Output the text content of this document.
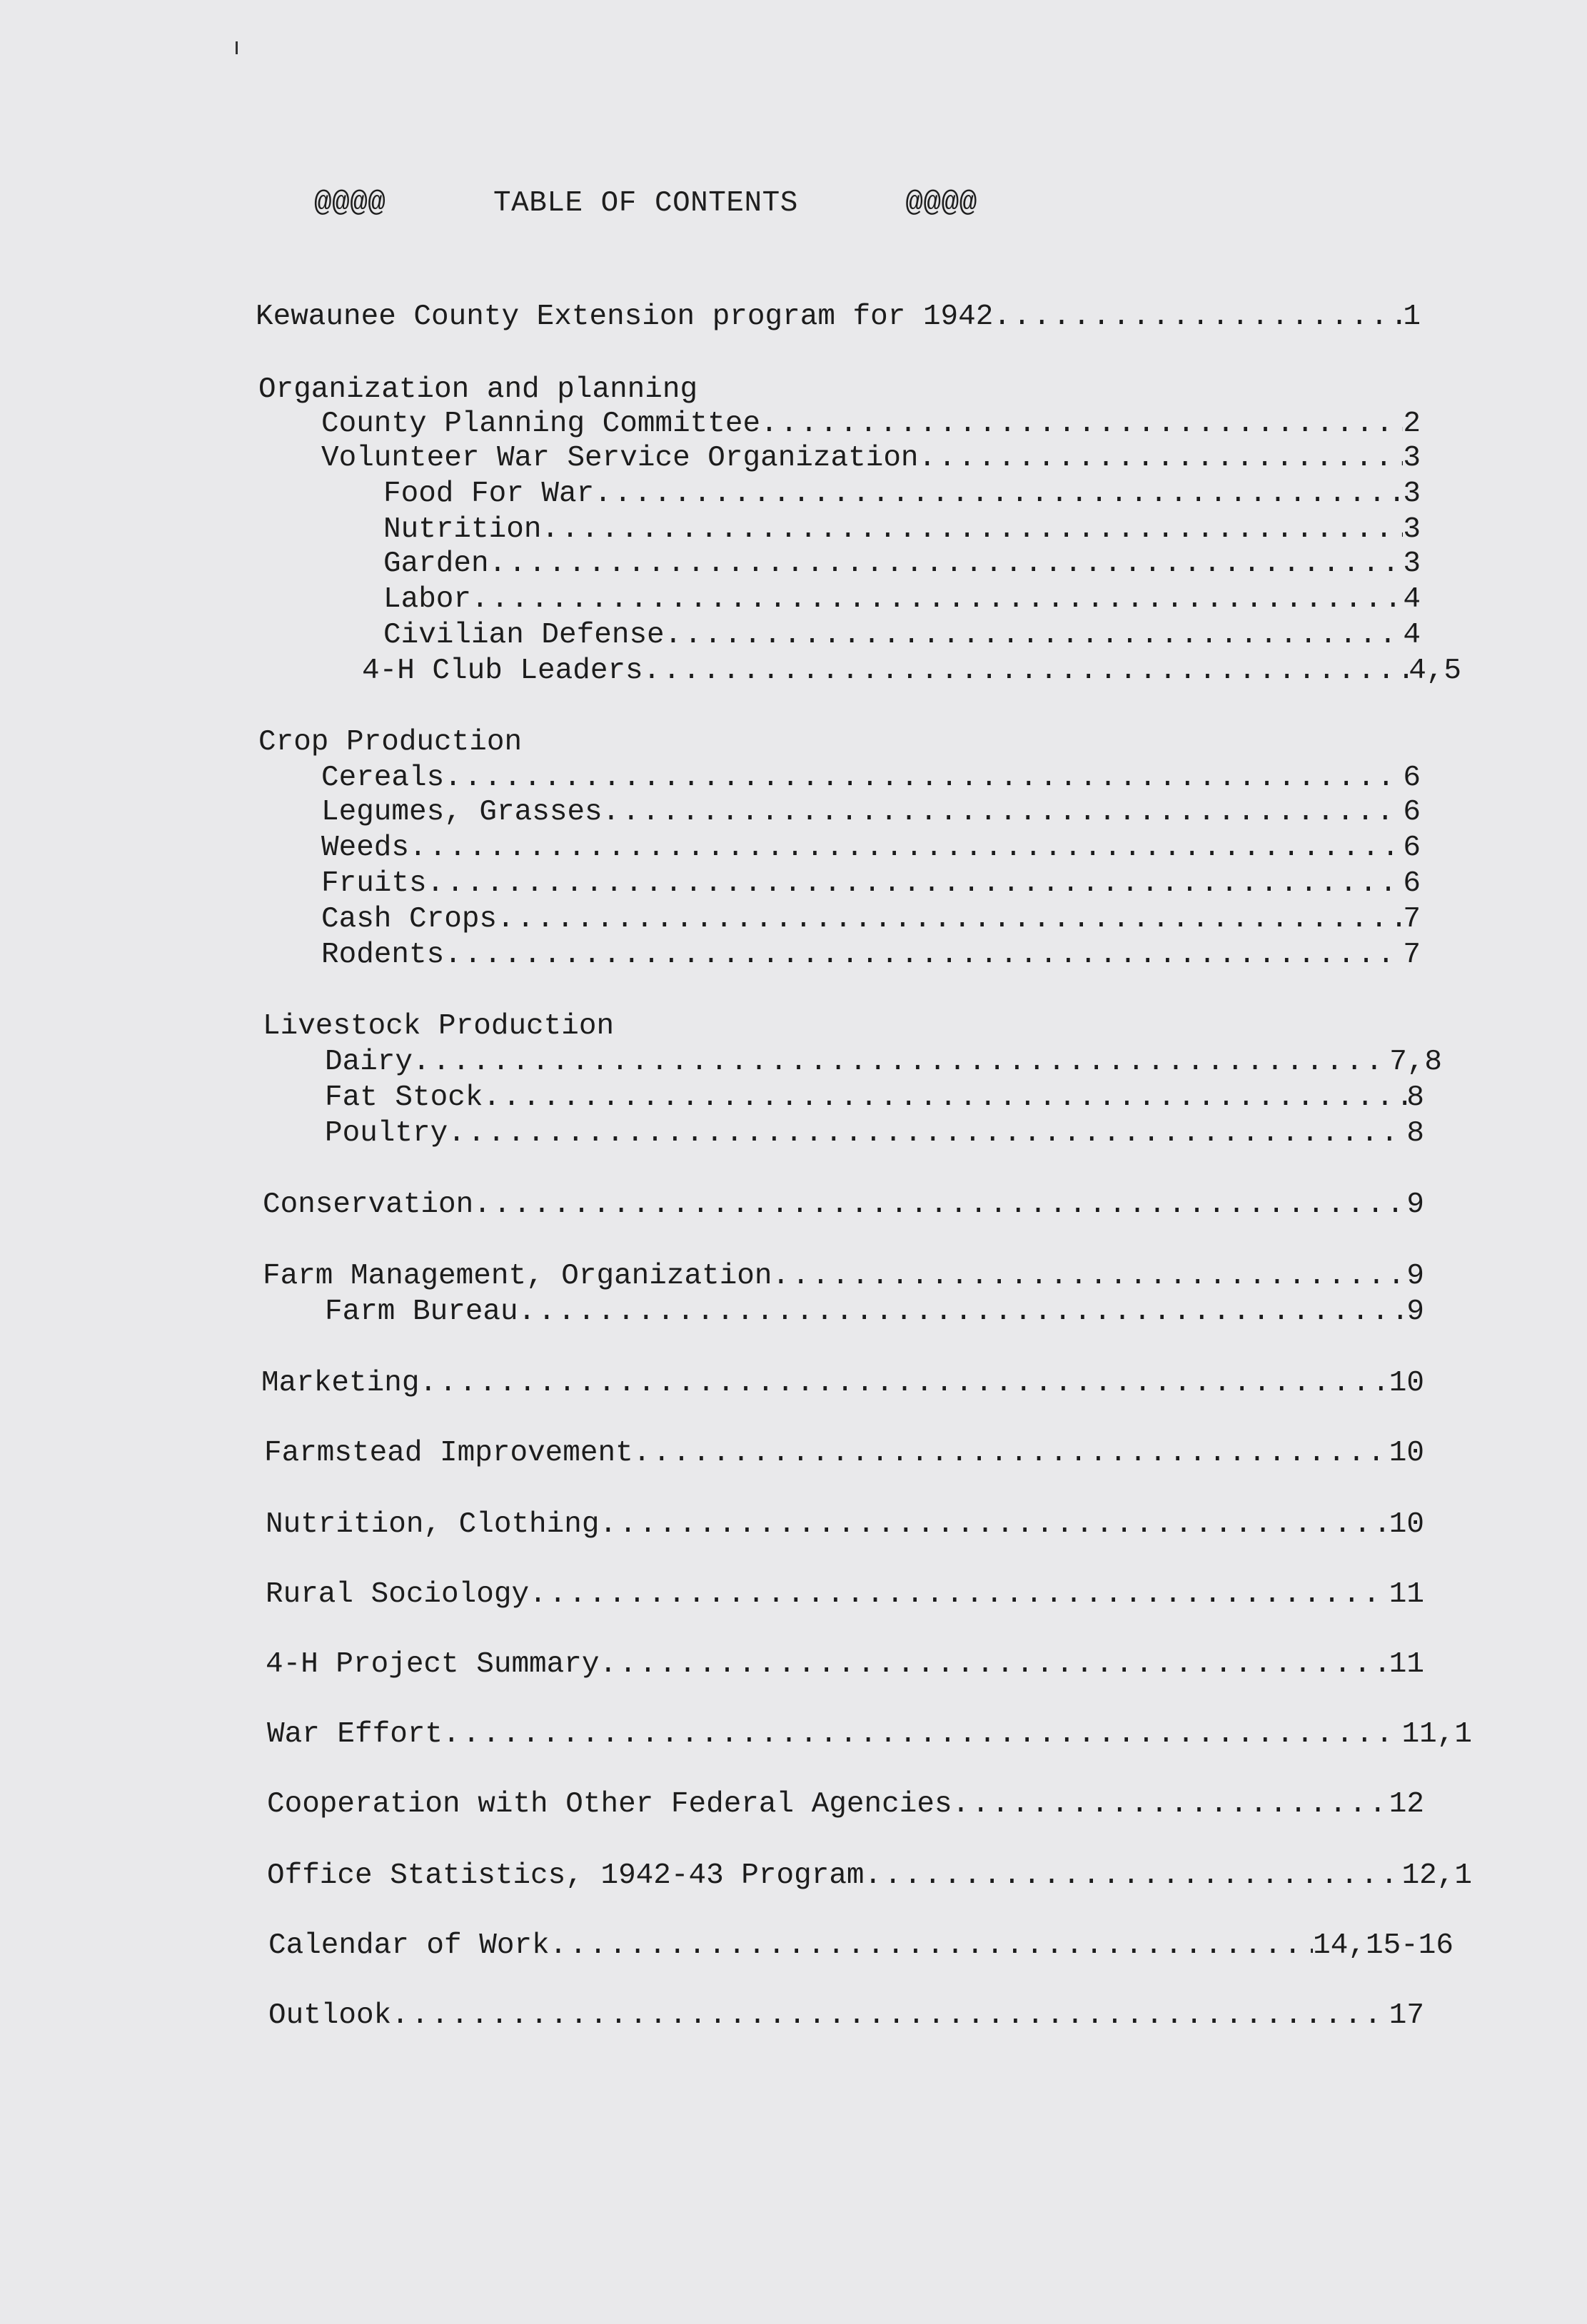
@@@@      TABLE OF CONTENTS      @@@@
Kewaunee County Extension program for 1942 .....	1
Organization and planning
County Planning Committee .....	2
Volunteer War Service Organization .....	3
Food For War .....	3
Nutrition .....	3
Garden .....	3
Labor .....	4
Civilian Defense .....	4
4-H Club Leaders .....	4,5
Crop Production
Cereals .....	6
Legumes, Grasses .....	6
Weeds .....	6
Fruits .....	6
Cash Crops .....	7
Rodents .....	7
Livestock Production
Dairy .....	7,8
Fat Stock .....	8
Poultry .....	8
Conservation .....	9
Farm Management, Organization .....	9
Farm Bureau .....	9
Marketing .....	10
Farmstead Improvement .....	10
Nutrition, Clothing .....	10
Rural Sociology .....	11
4-H Project Summary .....	11
War Effort .....	11,1
Cooperation with Other Federal Agencies .....	12
Office Statistics, 1942-43 Program .....	12,1
Calendar of Work .....	14,15-16
Outlook .....	17
